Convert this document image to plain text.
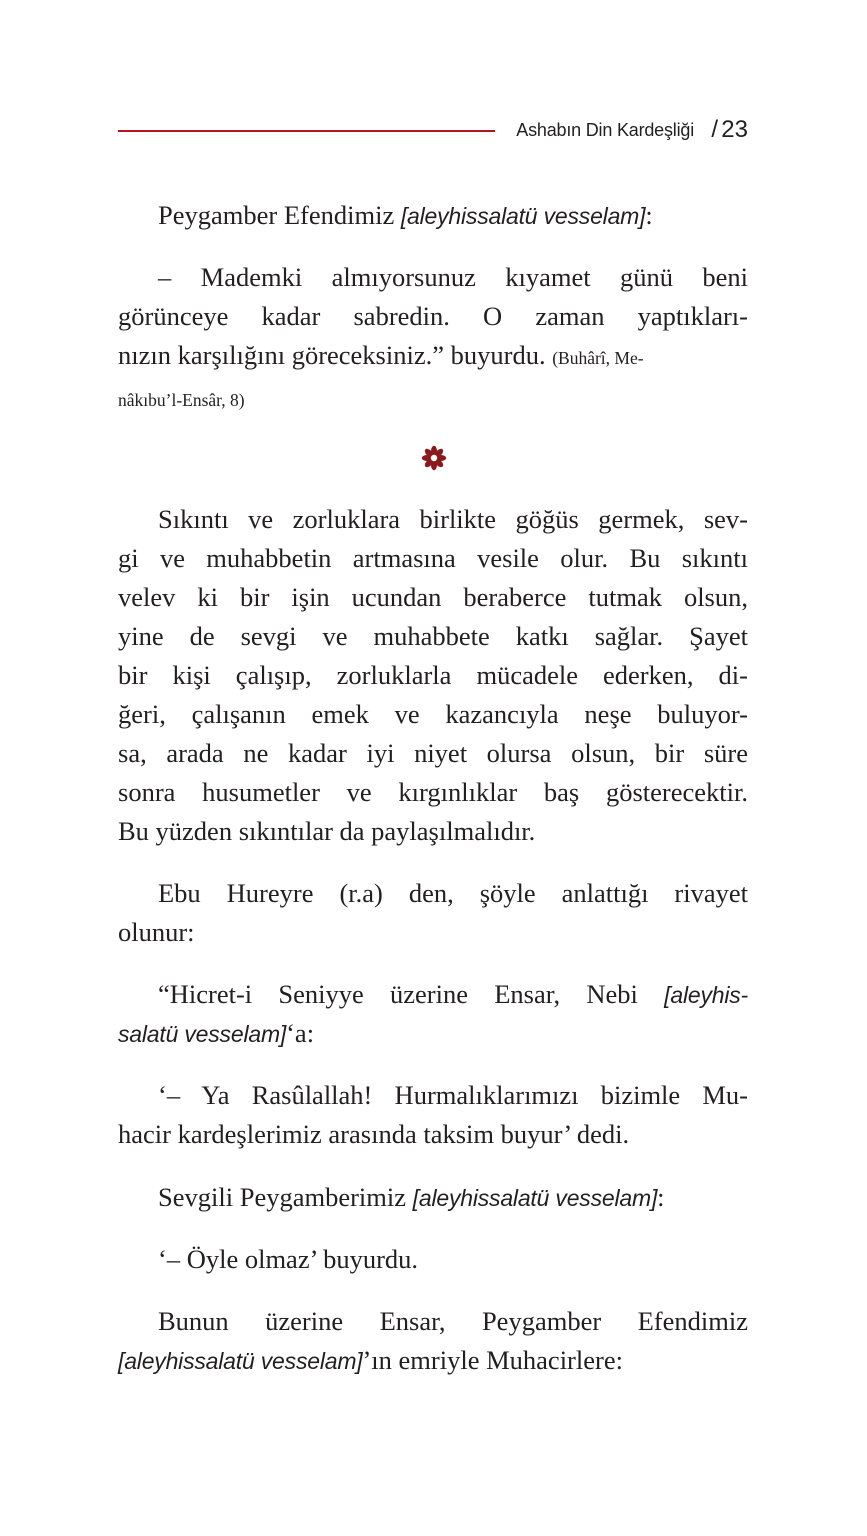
Ashabın Din Kardeşliği / 23
Peygamber Efendimiz [aleyhissalatü vesselam]:
– Mademki almıyorsunuz kıyamet günü beni
görünceye kadar sabredin. O zaman yaptıkları-
nızın karşılığını göreceksiniz.” buyurdu. (Buhârî, Me-
nâkıbu’l-Ensâr, 8)
Sıkıntı ve zorluklara birlikte göğüs germek, sev-
gi ve muhabbetin artmasına vesile olur. Bu sıkıntı
velev ki bir işin ucundan beraberce tutmak olsun,
yine de sevgi ve muhabbete katkı sağlar. Şayet
bir kişi çalışıp, zorluklarla mücadele ederken, di-
ğeri, çalışanın emek ve kazancıyla neşe buluyor-
sa, arada ne kadar iyi niyet olursa olsun, bir süre
sonra husumetler ve kırgınlıklar baş gösterecektir.
Bu yüzden sıkıntılar da paylaşılmalıdır.
Ebu Hureyre (r.a) den, şöyle anlattığı rivayet
olunur:
“Hicret-i Seniyye üzerine Ensar, Nebi [aleyhis-
salatü vesselam]‘a:
‘– Ya Rasûlallah! Hurmalıklarımızı bizimle Mu-
hacir kardeşlerimiz arasında taksim buyur’ dedi.
Sevgili Peygamberimiz [aleyhissalatü vesselam]:
‘– Öyle olmaz’ buyurdu.
Bunun üzerine Ensar, Peygamber Efendimiz
[aleyhissalatü vesselam]’ın emriyle Muhacirlere:
